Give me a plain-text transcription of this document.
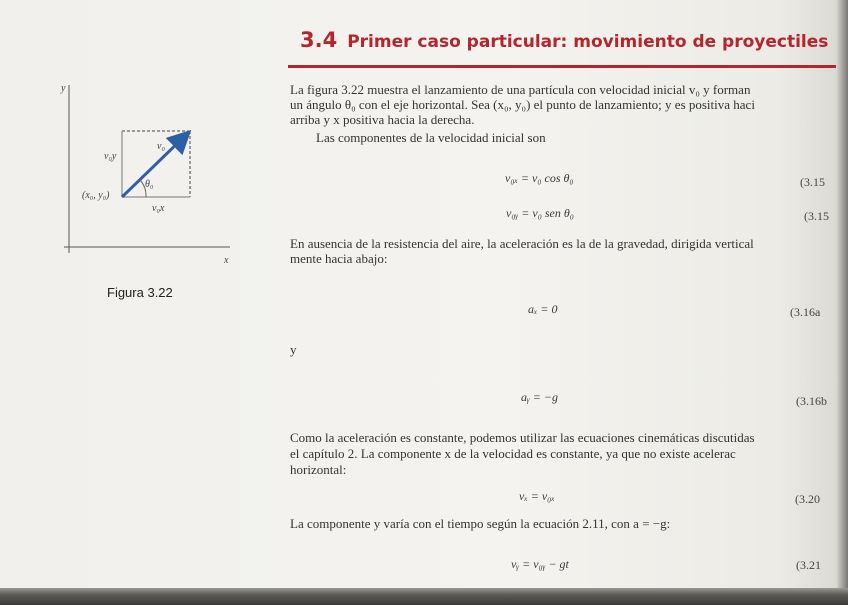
3.4 Primer caso particular: movimiento de proyectiles
La figura 3.22 muestra el lanzamiento de una partícula con velocidad inicial v₀ y forman
un ángulo θ₀ con el eje horizontal. Sea (x₀, y₀) el punto de lanzamiento; y es positiva haci
arriba y x positiva hacia la derecha.
Las componentes de la velocidad inicial son
v₀ₓ = v₀ cos θ₀	(3.15
v₀ᵧ = v₀ sen θ₀	(3.15
En ausencia de la resistencia del aire, la aceleración es la de la gravedad, dirigida vertical
mente hacia abajo:
aₓ = 0	(3.16a
y
aᵧ = −g	(3.16b
Como la aceleración es constante, podemos utilizar las ecuaciones cinemáticas discutidas
el capítulo 2. La componente x de la velocidad es constante, ya que no existe acelerac
horizontal:
vₓ = v₀ₓ	(3.20
La componente y varía con el tiempo según la ecuación 2.11, con a = −g:
vᵧ = v₀ᵧ − gt	(3.21
y
x
v₀y
v₀
θ₀
(x₀, y₀)
v₀x
Figura 3.22
